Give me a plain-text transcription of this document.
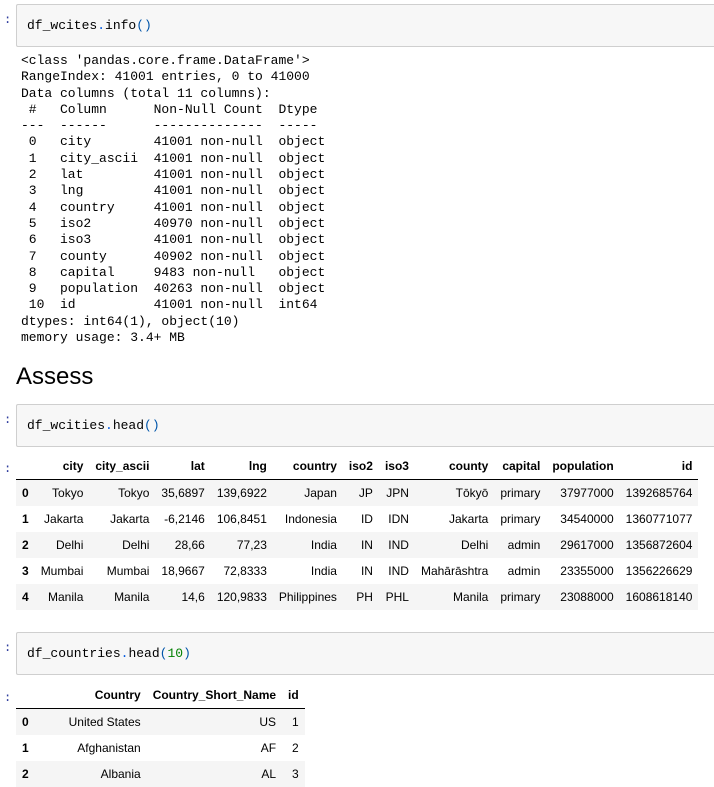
: df_wcites.info()
<class 'pandas.core.frame.DataFrame'>
RangeIndex: 41001 entries, 0 to 41000
Data columns (total 11 columns):
#   Column      Non-Null Count  Dtype
---  ------      --------------  -----
0   city        41001 non-null  object
1   city_ascii  41001 non-null  object
2   lat         41001 non-null  object
3   lng         41001 non-null  object
4   country     41001 non-null  object
5   iso2        40970 non-null  object
6   iso3        41001 non-null  object
7   county      40902 non-null  object
8   capital     9483 non-null   object
9   population  40263 non-null  object
10  id          41001 non-null  int64
dtypes: int64(1), object(10)
memory usage: 3.4+ MB
Assess
: df_wcities.head()
:
		city	city_ascii	lat	lng	country	iso2	iso3	county	capital	population	id
0	Tokyo	Tokyo	35,6897	139,6922	Japan	JP	JPN	Tōkyō	primary	37977000	1392685764
1	Jakarta	Jakarta	-6,2146	106,8451	Indonesia	ID	IDN	Jakarta	primary	34540000	1360771077
2	Delhi	Delhi	28,66	77,23	India	IN	IND	Delhi	admin	29617000	1356872604
3	Mumbai	Mumbai	18,9667	72,8333	India	IN	IND	Mahārāshtra	admin	23355000	1356226629
4	Manila	Manila	14,6	120,9833	Philippines	PH	PHL	Manila	primary	23088000	1608618140
: df_countries.head(10)
:
		Country	Country_Short_Name	id
0	United States	US	1
1	Afghanistan	AF	2
2	Albania	AL	3
